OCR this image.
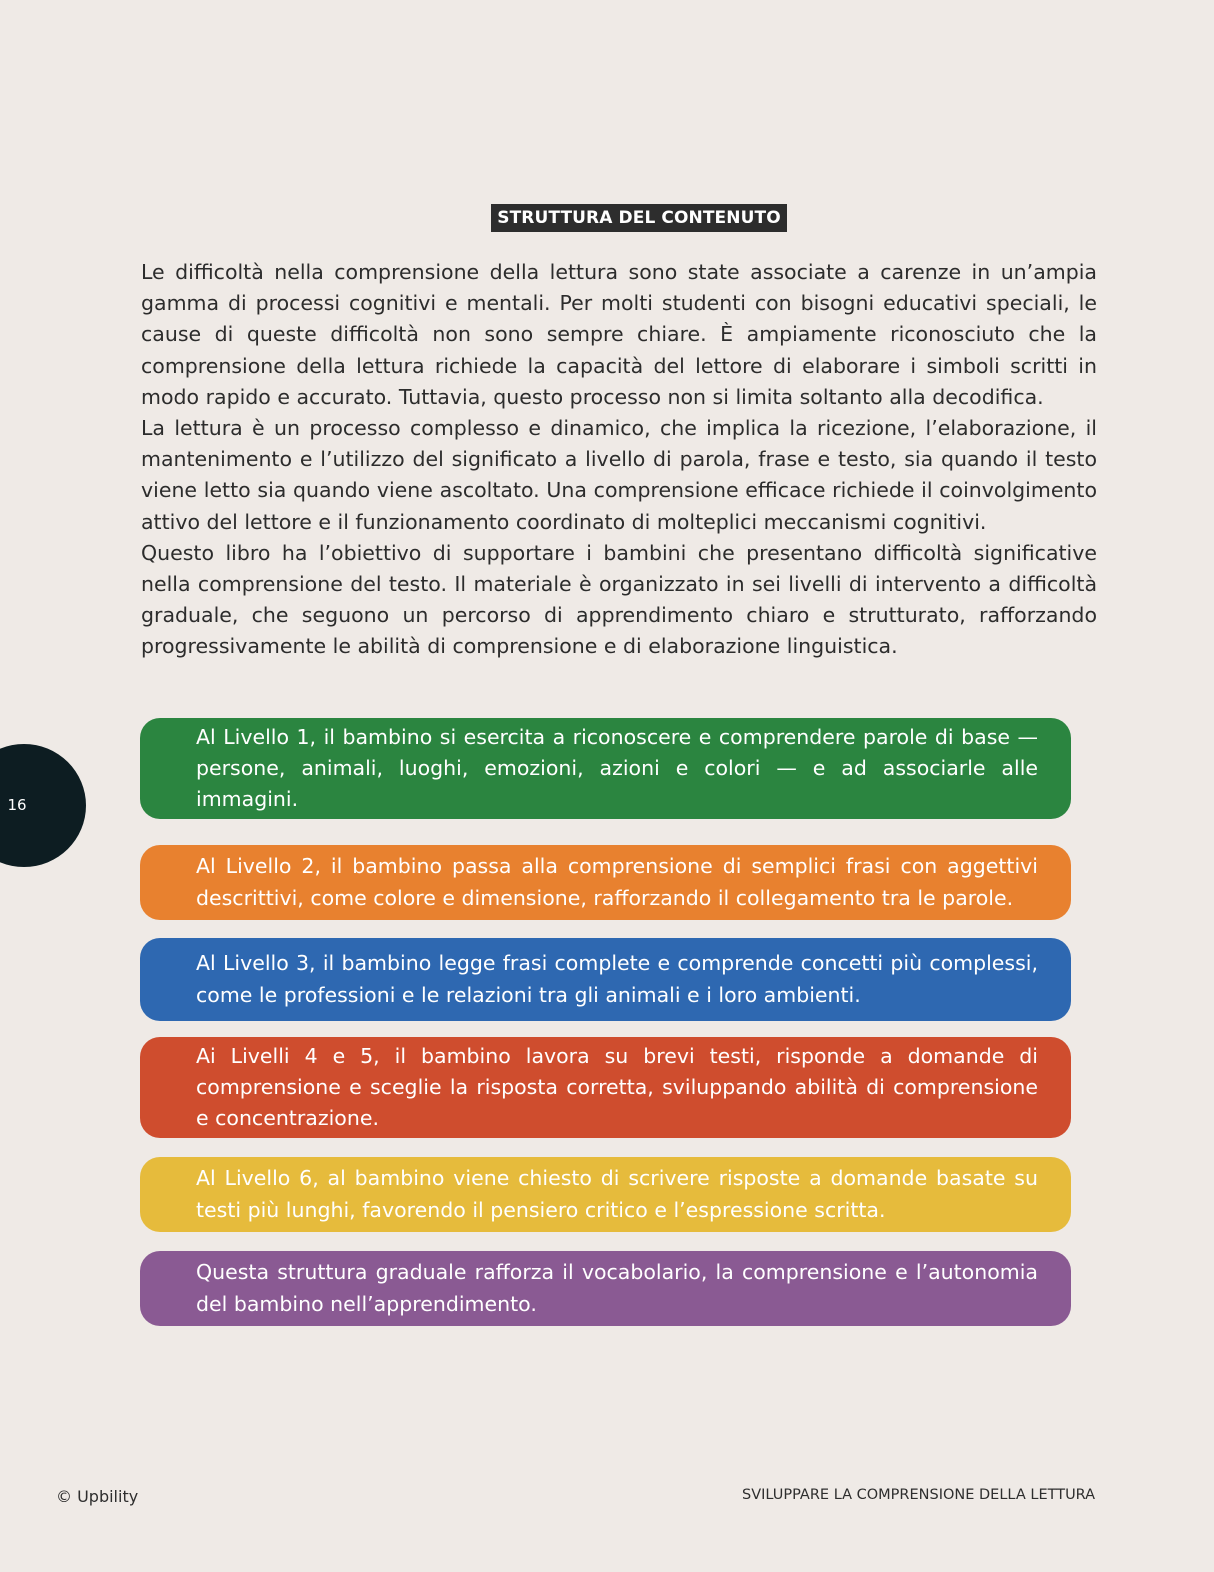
STRUTTURA DEL CONTENUTO

Le difficoltà nella comprensione della lettura sono state associate a carenze in un’ampia gamma di processi cognitivi e mentali. Per molti studenti con bisogni educativi speciali, le cause di queste difficoltà non sono sempre chiare. È ampiamente riconosciuto che la comprensione della lettura richiede la capacità del lettore di elaborare i simboli scritti in modo rapido e accurato. Tuttavia, questo processo non si limita soltanto alla decodifica.

La lettura è un processo complesso e dinamico, che implica la ricezione, l’elaborazione, il mantenimento e l’utilizzo del significato a livello di parola, frase e testo, sia quando il testo viene letto sia quando viene ascoltato. Una comprensione efficace richiede il coinvolgimento attivo del lettore e il funzionamento coordinato di molteplici meccanismi cognitivi.

Questo libro ha l’obiettivo di supportare i bambini che presentano difficoltà significative nella comprensione del testo. Il materiale è organizzato in sei livelli di intervento a difficoltà graduale, che seguono un percorso di apprendimento chiaro e strutturato, rafforzando progressivamente le abilità di comprensione e di elaborazione linguistica.

16
Al Livello 1, il bambino si esercita a riconoscere e comprendere parole di base — persone, animali, luoghi, emozioni, azioni e colori — e ad associarle alle immagini.
Al Livello 2, il bambino passa alla comprensione di semplici frasi con aggettivi descrittivi, come colore e dimensione, rafforzando il collegamento tra le parole.
Al Livello 3, il bambino legge frasi complete e comprende concetti più complessi, come le professioni e le relazioni tra gli animali e i loro ambienti.
Ai Livelli 4 e 5, il bambino lavora su brevi testi, risponde a domande di comprensione e sceglie la risposta corretta, sviluppando abilità di comprensione e concentrazione.
Al Livello 6, al bambino viene chiesto di scrivere risposte a domande basate su testi più lunghi, favorendo il pensiero critico e l’espressione scritta.
Questa struttura graduale rafforza il vocabolario, la comprensione e l’autonomia del bambino nell’apprendimento.
© Upbility	SVILUPPARE LA COMPRENSIONE DELLA LETTURA
